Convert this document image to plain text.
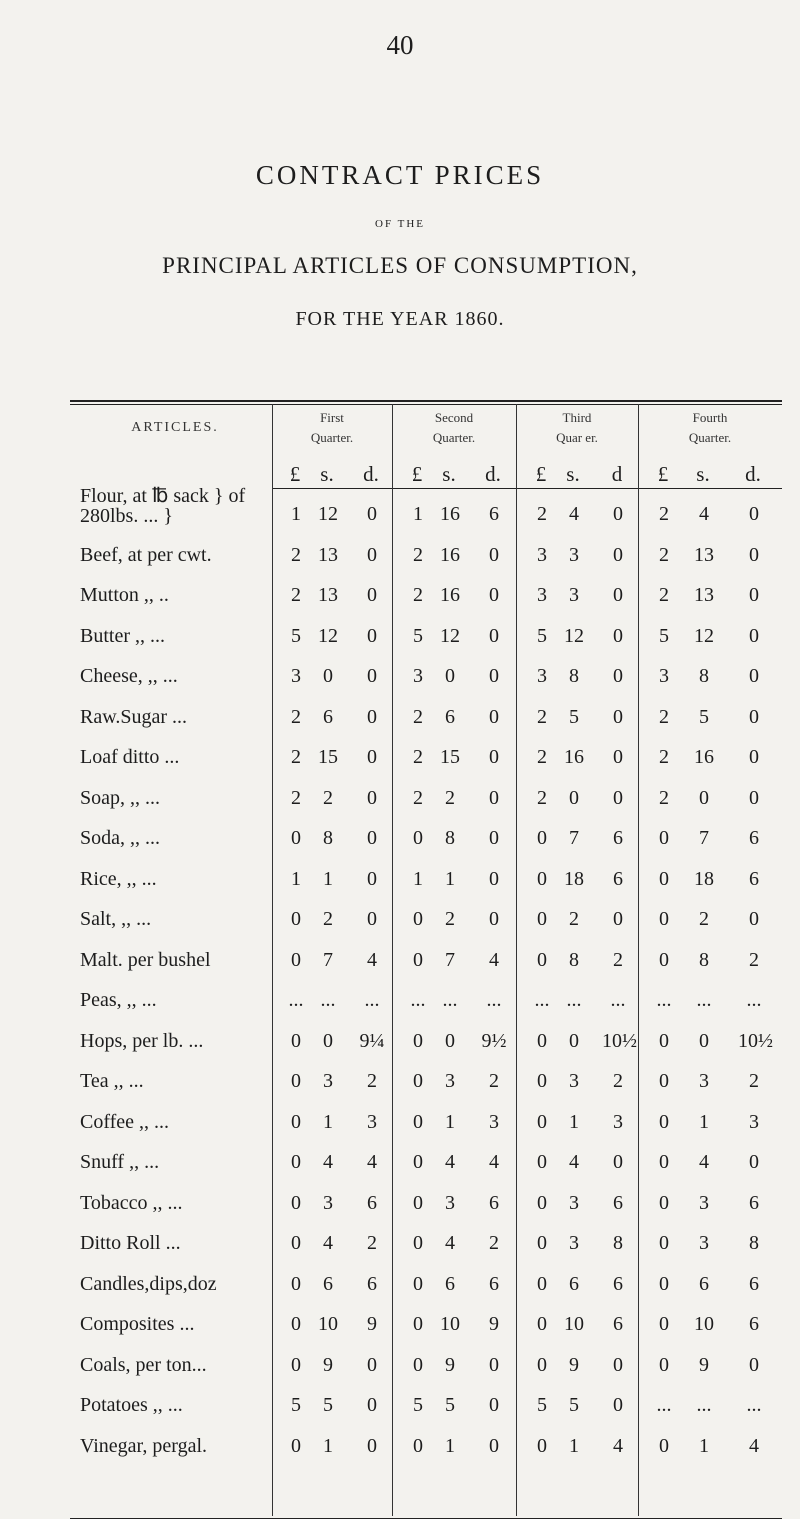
40
CONTRACT PRICES
OF THE
PRINCIPAL ARTICLES OF CONSUMPTION,
FOR THE YEAR 1860.
ARTICLES.
First
Quarter.
Second
Quarter.
Third
Quar er.
Fourth
Quarter.
£ s.	d.	£ s.	d.	£ s.	d	£	s.	d.
Flour, at ℔ sack } of 280lbs. ... }	1 12	0	1 16	6	2	4	0	2	4	0
Beef, at per cwt.	2 13	0	2 16	0	3	3	0	2	13	0
Mutton ,, ..	2 13	0	2 16	0	3	3	0	2	13	0
Butter ,, ...	5 12	0	5 12	0	5 12	0	5	12	0
Cheese, ,, ...	3	0	0	3	0	0	3	8	0	3	8	0
Raw.Sugar ...	2	6	0	2	6	0	2	5	0	2	5	0
Loaf ditto ...	2 15	0	2 15	0	2 16	0	2	16	0
Soap, ,, ...	2	2	0	2	2	0	2	0	0	2	0	0
Soda, ,, ...	0	8	0	0	8	0	0	7	6	0	7	6
Rice, ,, ...	1	1	0	1	1	0	0 18	6	0	18	6
Salt, ,, ...	0	2	0	0	2	0	0	2	0	0	2	0
Malt. per bushel	0	7	4	0	7	4	0	8	2	0	8	2
Peas, ,, ...	... ...	...	... ...	...	... ...	...	...	...	...
Hops, per lb. ...	0	0	9¼	0	0	9½	0	0	10½	0	0	10½
Tea ,, ...	0	3	2	0	3	2	0	3	2	0	3	2
Coffee ,, ...	0	1	3	0	1	3	0	1	3	0	1	3
Snuff ,, ...	0	4	4	0	4	4	0	4	0	0	4	0
Tobacco ,, ...	0	3	6	0	3	6	0	3	6	0	3	6
Ditto Roll ...	0	4	2	0	4	2	0	3	8	0	3	8
Candles,dips,doz	0	6	6	0	6	6	0	6	6	0	6	6
Composites ...	0 10	9	0 10	9	0 10	6	0	10	6
Coals, per ton...	0	9	0	0	9	0	0	9	0	0	9	0
Potatoes ,, ...	5	5	0	5	5	0	5	5	0	...	...	...
Vinegar, pergal.	0	1	0	0	1	0	0	1	4	0	1	4
